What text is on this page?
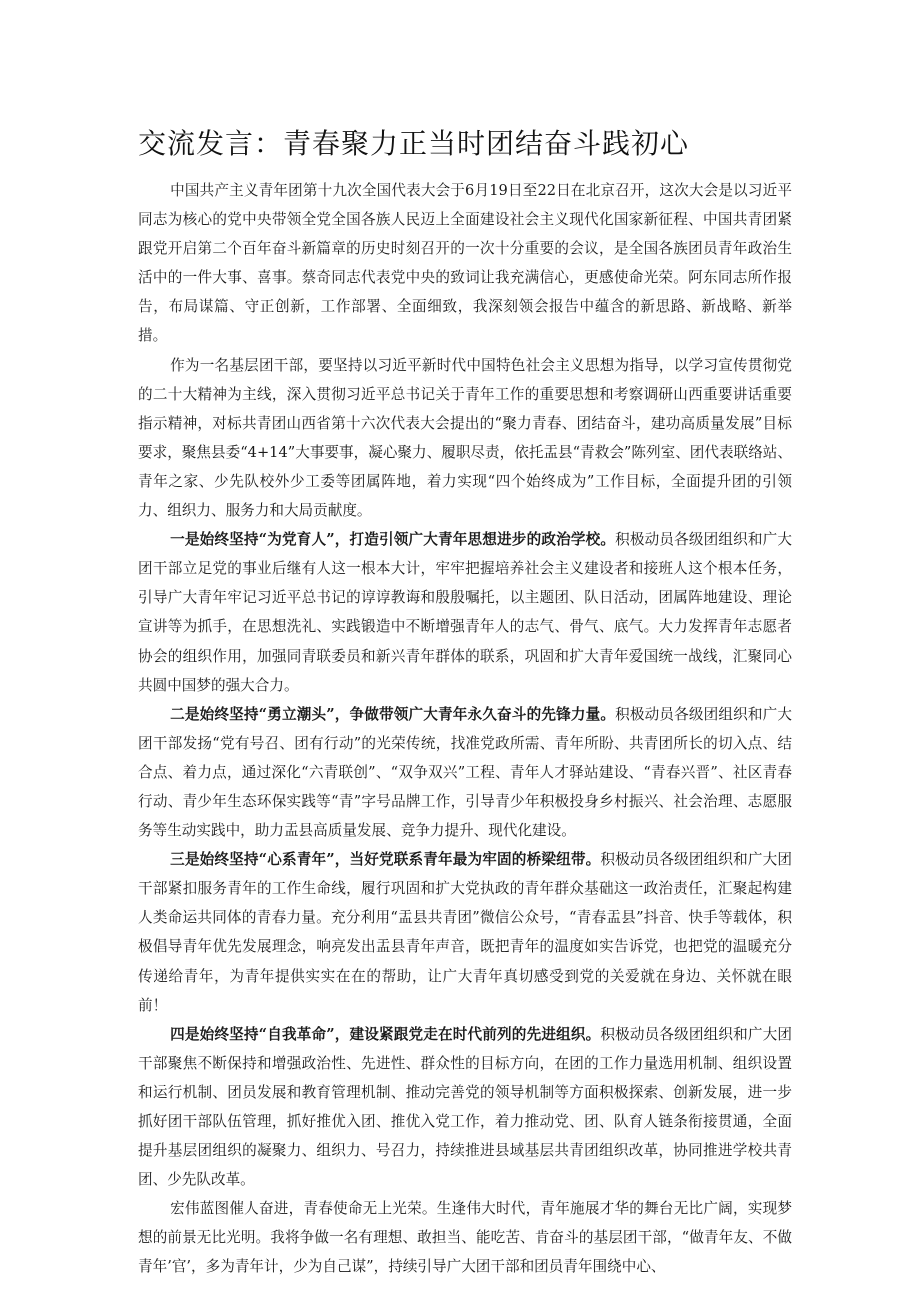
交流发言：青春聚力正当时团结奋斗践初心

中国共产主义青年团第十九次全国代表大会于6月19日至22日在北京召开，这次大会是以习近平同志为核心的党中央带领全党全国各族人民迈上全面建设社会主义现代化国家新征程、中国共青团紧跟党开启第二个百年奋斗新篇章的历史时刻召开的一次十分重要的会议，是全国各族团员青年政治生活中的一件大事、喜事。蔡奇同志代表党中央的致词让我充满信心，更感使命光荣。阿东同志所作报告，布局谋篇、守正创新，工作部署、全面细致，我深刻领会报告中蕴含的新思路、新战略、新举措。

作为一名基层团干部，要坚持以习近平新时代中国特色社会主义思想为指导，以学习宣传贯彻党的二十大精神为主线，深入贯彻习近平总书记关于青年工作的重要思想和考察调研山西重要讲话重要指示精神，对标共青团山西省第十六次代表大会提出的“聚力青春、团结奋斗，建功高质量发展”目标要求，聚焦县委“4+14”大事要事，凝心聚力、履职尽责，依托盂县“青救会”陈列室、团代表联络站、青年之家、少先队校外少工委等团属阵地，着力实现“四个始终成为”工作目标，全面提升团的引领力、组织力、服务力和大局贡献度。

一是始终坚持“为党育人”，打造引领广大青年思想进步的政治学校。积极动员各级团组织和广大团干部立足党的事业后继有人这一根本大计，牢牢把握培养社会主义建设者和接班人这个根本任务，引导广大青年牢记习近平总书记的谆谆教诲和殷殷嘱托，以主题团、队日活动，团属阵地建设、理论宣讲等为抓手，在思想洗礼、实践锻造中不断增强青年人的志气、骨气、底气。大力发挥青年志愿者协会的组织作用，加强同青联委员和新兴青年群体的联系，巩固和扩大青年爱国统一战线，汇聚同心共圆中国梦的强大合力。

二是始终坚持“勇立潮头”，争做带领广大青年永久奋斗的先锋力量。积极动员各级团组织和广大团干部发扬“党有号召、团有行动”的光荣传统，找准党政所需、青年所盼、共青团所长的切入点、结合点、着力点，通过深化“六青联创”、“双争双兴”工程、青年人才驿站建设、“青春兴晋”、社区青春行动、青少年生态环保实践等“青”字号品牌工作，引导青少年积极投身乡村振兴、社会治理、志愿服务等生动实践中，助力盂县高质量发展、竞争力提升、现代化建设。

三是始终坚持“心系青年”，当好党联系青年最为牢固的桥梁纽带。积极动员各级团组织和广大团干部紧扣服务青年的工作生命线，履行巩固和扩大党执政的青年群众基础这一政治责任，汇聚起构建人类命运共同体的青春力量。充分利用“盂县共青团”微信公众号，“青春盂县”抖音、快手等载体，积极倡导青年优先发展理念，响亮发出盂县青年声音，既把青年的温度如实告诉党，也把党的温暖充分传递给青年，为青年提供实实在在的帮助，让广大青年真切感受到党的关爱就在身边、关怀就在眼前！

四是始终坚持“自我革命”，建设紧跟党走在时代前列的先进组织。积极动员各级团组织和广大团干部聚焦不断保持和增强政治性、先进性、群众性的目标方向，在团的工作力量选用机制、组织设置和运行机制、团员发展和教育管理机制、推动完善党的领导机制等方面积极探索、创新发展，进一步抓好团干部队伍管理，抓好推优入团、推优入党工作，着力推动党、团、队育人链条衔接贯通，全面提升基层团组织的凝聚力、组织力、号召力，持续推进县域基层共青团组织改革，协同推进学校共青团、少先队改革。

宏伟蓝图催人奋进，青春使命无上光荣。生逢伟大时代，青年施展才华的舞台无比广阔，实现梦想的前景无比光明。我将争做一名有理想、敢担当、能吃苦、肯奋斗的基层团干部，“做青年友、不做青年’官’，多为青年计，少为自己谋”，持续引导广大团干部和团员青年围绕中心、
